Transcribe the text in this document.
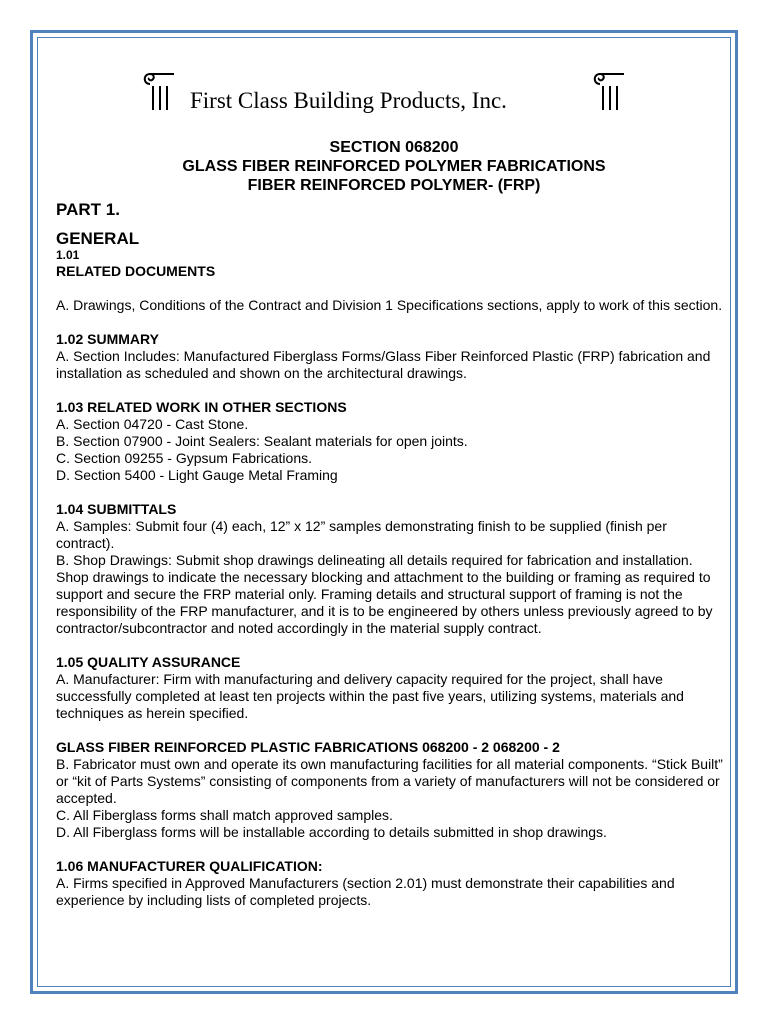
First Class Building Products, Inc.
SECTION 068200
GLASS FIBER REINFORCED POLYMER FABRICATIONS
FIBER REINFORCED POLYMER- (FRP)
PART 1.
GENERAL

1.01

RELATED DOCUMENTS

A. Drawings, Conditions of the Contract and Division 1 Specifications sections, apply to work of this section.

1.02 SUMMARY

A. Section Includes: Manufactured Fiberglass Forms/Glass Fiber Reinforced Plastic (FRP) fabrication and installation as scheduled and shown on the architectural drawings.

1.03 RELATED WORK IN OTHER SECTIONS

A. Section 04720 - Cast Stone.

B. Section 07900 - Joint Sealers: Sealant materials for open joints.

C. Section 09255 - Gypsum Fabrications.

D. Section 5400 - Light Gauge Metal Framing

1.04 SUBMITTALS

A. Samples: Submit four (4) each, 12” x 12” samples demonstrating finish to be supplied (finish per contract).

B. Shop Drawings: Submit shop drawings delineating all details required for fabrication and installation. Shop drawings to indicate the necessary blocking and attachment to the building or framing as required to support and secure the FRP material only. Framing details and structural support of framing is not the responsibility of the FRP manufacturer, and it is to be engineered by others unless previously agreed to by contractor/subcontractor and noted accordingly in the material supply contract.

1.05 QUALITY ASSURANCE

A. Manufacturer: Firm with manufacturing and delivery capacity required for the project, shall have successfully completed at least ten projects within the past five years, utilizing systems, materials and techniques as herein specified.

GLASS FIBER REINFORCED PLASTIC FABRICATIONS 068200 - 2 068200 - 2

B. Fabricator must own and operate its own manufacturing facilities for all material components. “Stick Built” or “kit of Parts Systems” consisting of components from a variety of manufacturers will not be considered or accepted.

C. All Fiberglass forms shall match approved samples.

D. All Fiberglass forms will be installable according to details submitted in shop drawings.

1.06 MANUFACTURER QUALIFICATION:

A. Firms specified in Approved Manufacturers (section 2.01) must demonstrate their capabilities and experience by including lists of completed projects.
